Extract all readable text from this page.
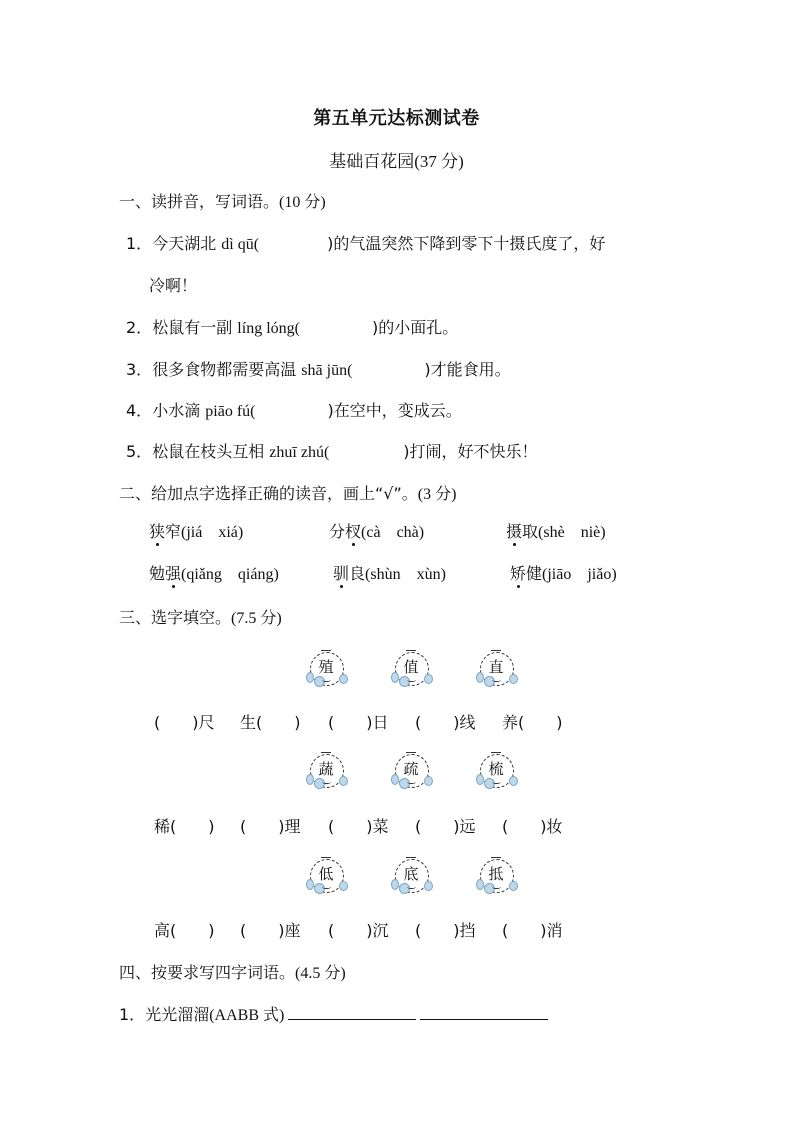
第五单元达标测试卷
基础百花园(37 分)
一、读拼音，写词语。(10 分)
1．今天湖北 dì qū(	)的气温突然下降到零下十摄氏度了，好
冷啊！
2．松鼠有一副 líng lóng(	)的小面孔。
3．很多食物都需要高温 shā jūn(	)才能食用。
4．小水滴 piāo fú(	)在空中，变成云。
5．松鼠在枝头互相 zhuī zhú(	)打闹，好不快乐！
二、给加点字选择正确的读音，画上“√”。(3 分)
狭窄(jiá　xiá)	分杈(cà　chà)	摄取(shè　niè)
勉强(qiǎng　qiáng)	驯良(shùn　xùn)	矫健(jiāo　jiǎo)
三、选字填空。(7.5 分)
殖	值	直
(　　)尺 生(　　) (　　)日 (　　)线 养(　　)
蔬	疏	梳
稀(　　) (　　)理 (　　)菜 (　　)远 (　　)妆
低	底	抵
高(　　) (　　)座 (　　)沉 (　　)挡 (　　)消
四、按要求写四字词语。(4.5 分)
1．光光溜溜(AABB 式)
